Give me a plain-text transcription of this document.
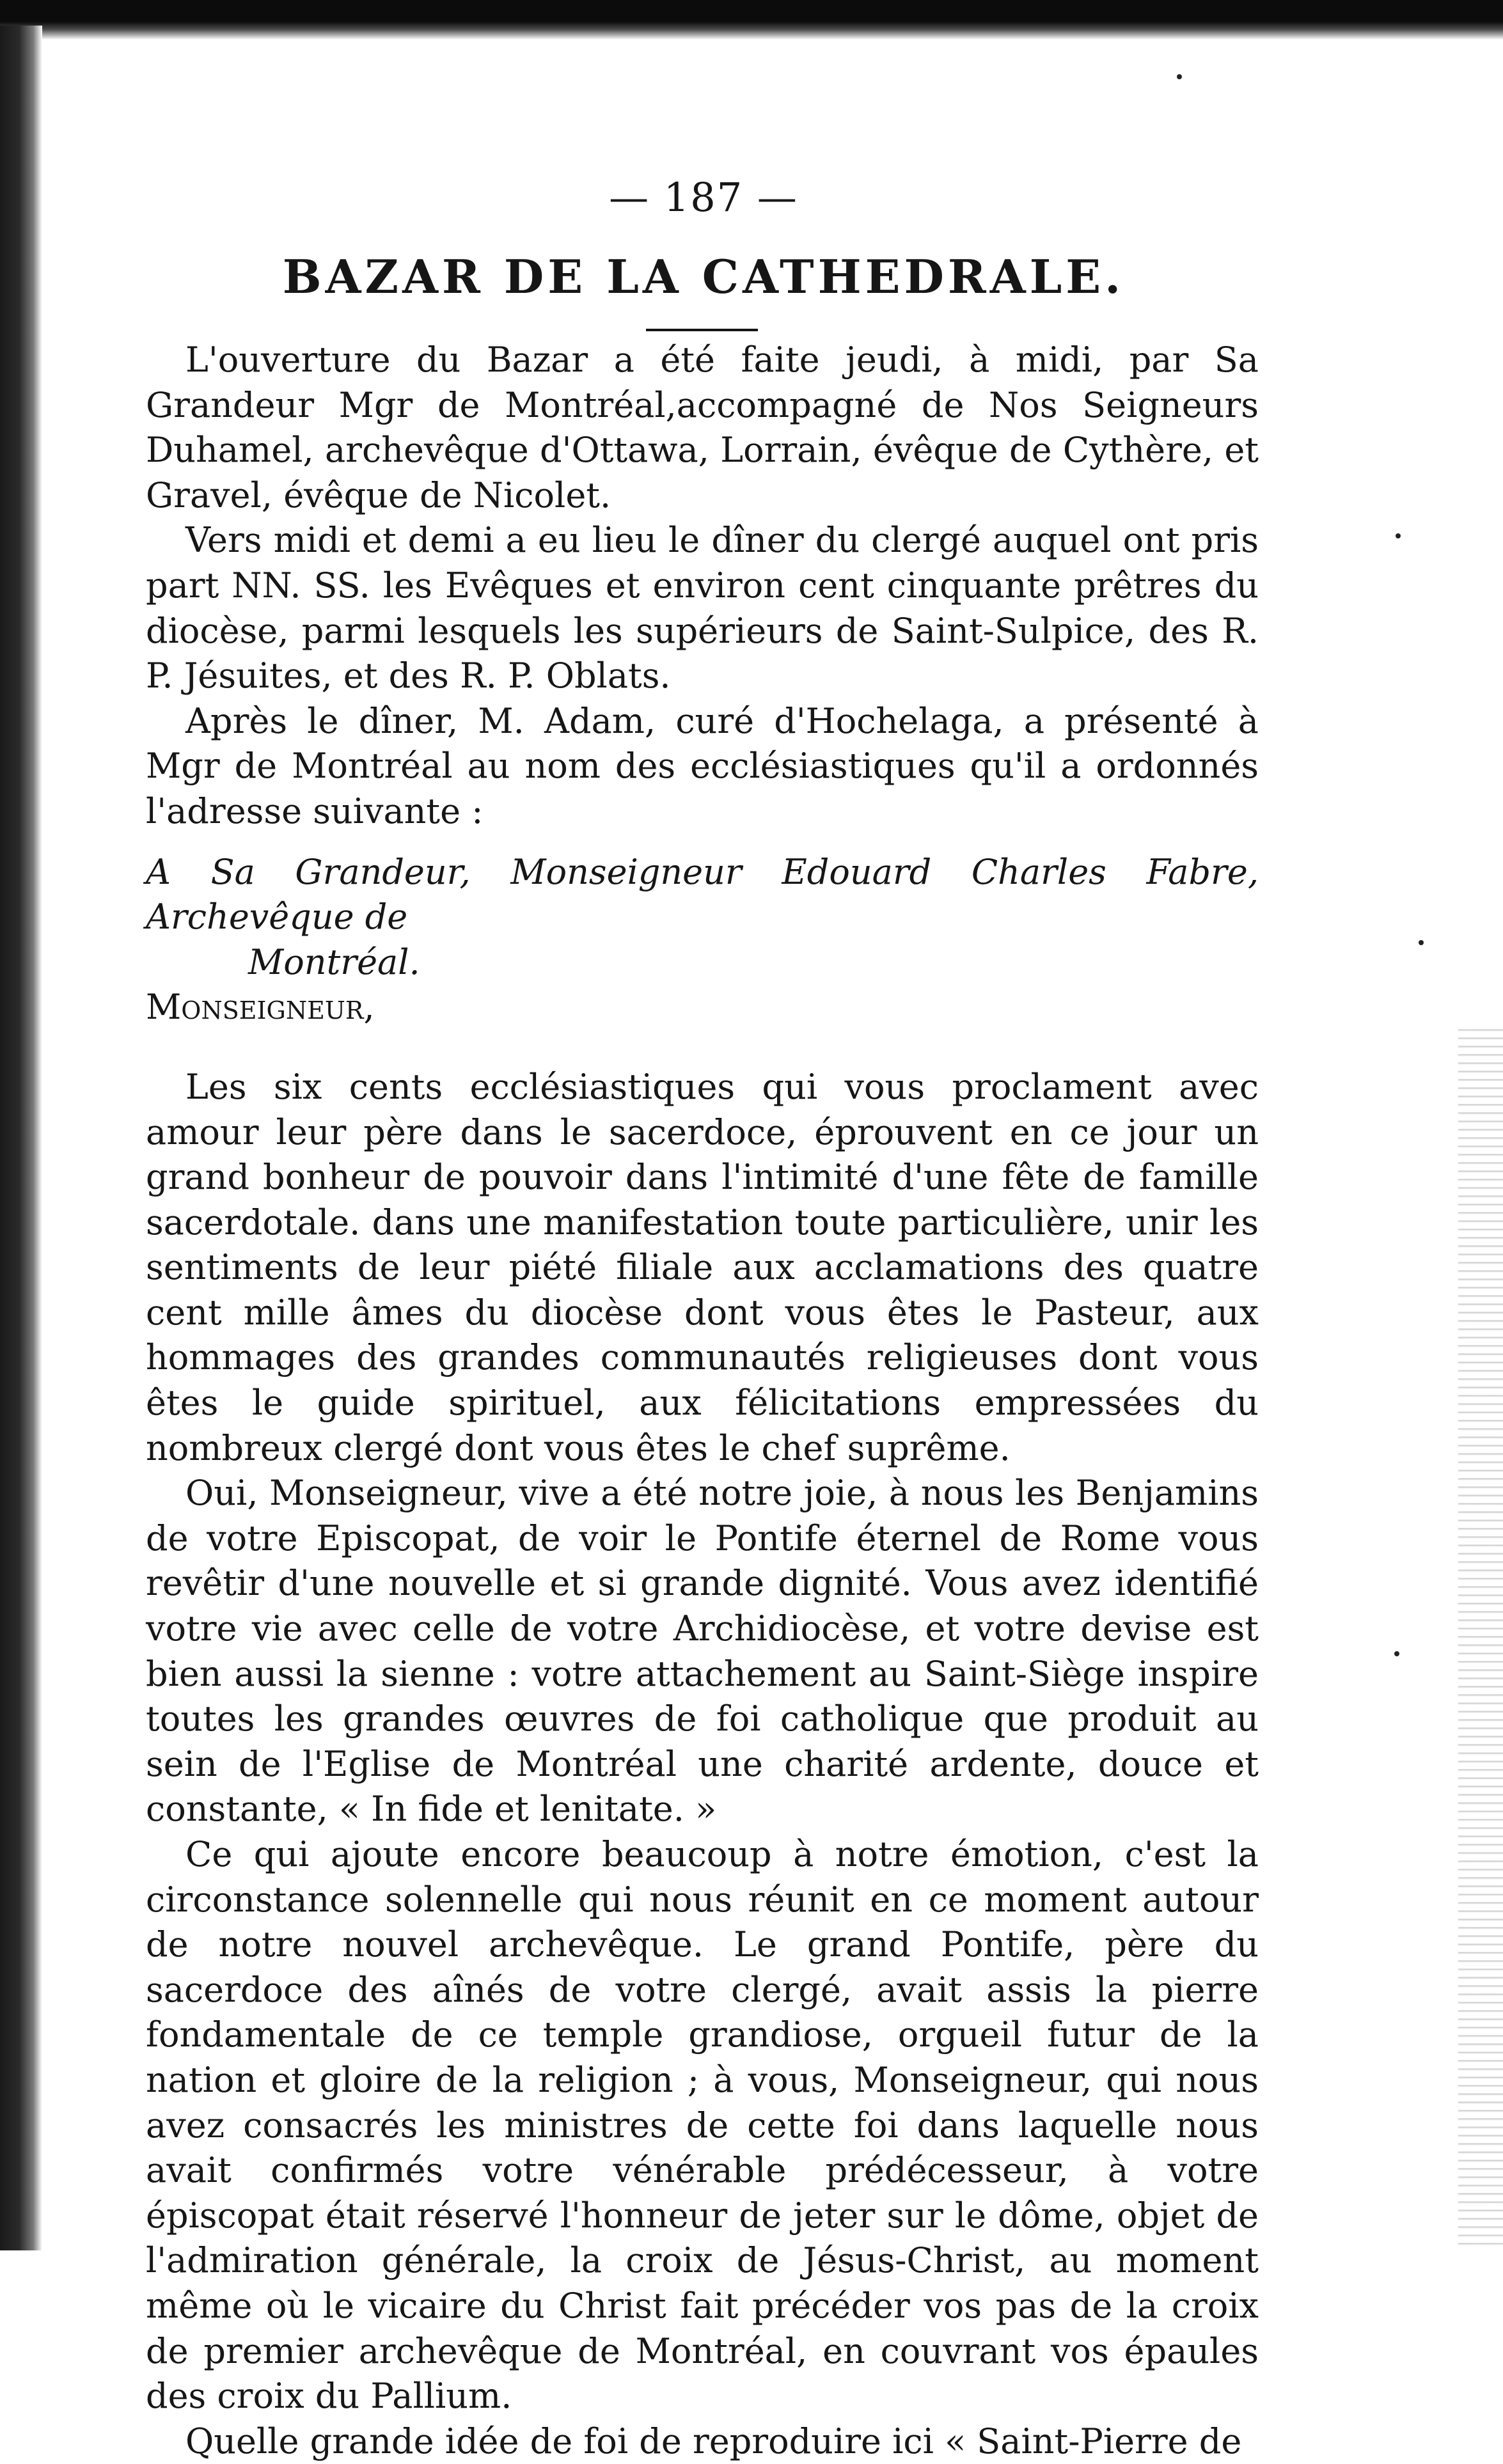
— 187 —
BAZAR DE LA CATHEDRALE.

L'ouverture du Bazar a été faite jeudi, à midi, par Sa Grandeur Mgr de Montréal,accompagné de Nos Seigneurs Duhamel, archevêque d'Ottawa, Lorrain, évêque de Cythère, et Gravel, évêque de Nicolet.

Vers midi et demi a eu lieu le dîner du clergé auquel ont pris part NN. SS. les Evêques et environ cent cinquante prêtres du diocèse, parmi lesquels les supérieurs de Saint-Sulpice, des R. P. Jésuites, et des R. P. Oblats.

Après le dîner, M. Adam, curé d'Hochelaga, a présenté à Mgr de Montréal au nom des ecclésiastiques qu'il a ordonnés l'adresse suivante :

A Sa Grandeur, Monseigneur Edouard Charles Fabre, Archevêque de
Montréal.

Monseigneur,

Les six cents ecclésiastiques qui vous proclament avec amour leur père dans le sacerdoce, éprouvent en ce jour un grand bonheur de pouvoir dans l'intimité d'une fête de famille sacerdotale. dans une manifestation toute particulière, unir les sentiments de leur piété filiale aux acclamations des quatre cent mille âmes du diocèse dont vous êtes le Pasteur, aux hommages des grandes communautés religieuses dont vous êtes le guide spirituel, aux félicitations empressées du nombreux clergé dont vous êtes le chef suprême.

Oui, Monseigneur, vive a été notre joie, à nous les Benjamins de votre Episcopat, de voir le Pontife éternel de Rome vous revêtir d'une nouvelle et si grande dignité. Vous avez identifié votre vie avec celle de votre Archidiocèse, et votre devise est bien aussi la sienne : votre attachement au Saint-Siège inspire toutes les grandes œuvres de foi catholique que produit au sein de l'Eglise de Montréal une charité ardente, douce et constante, « In fide et lenitate. »

Ce qui ajoute encore beaucoup à notre émotion, c'est la circonstance solennelle qui nous réunit en ce moment autour de notre nouvel archevêque. Le grand Pontife, père du sacerdoce des aînés de votre clergé, avait assis la pierre fondamentale de ce temple grandiose, orgueil futur de la nation et gloire de la religion ; à vous, Monseigneur, qui nous avez consacrés les ministres de cette foi dans laquelle nous avait confirmés votre vénérable prédécesseur, à votre épiscopat était réservé l'honneur de jeter sur le dôme, objet de l'admiration générale, la croix de Jésus-Christ, au moment même où le vicaire du Christ fait précéder vos pas de la croix de premier archevêque de Montréal, en couvrant vos épaules des croix du Pallium.

Quelle grande idée de foi de reproduire ici « Saint-Pierre de
